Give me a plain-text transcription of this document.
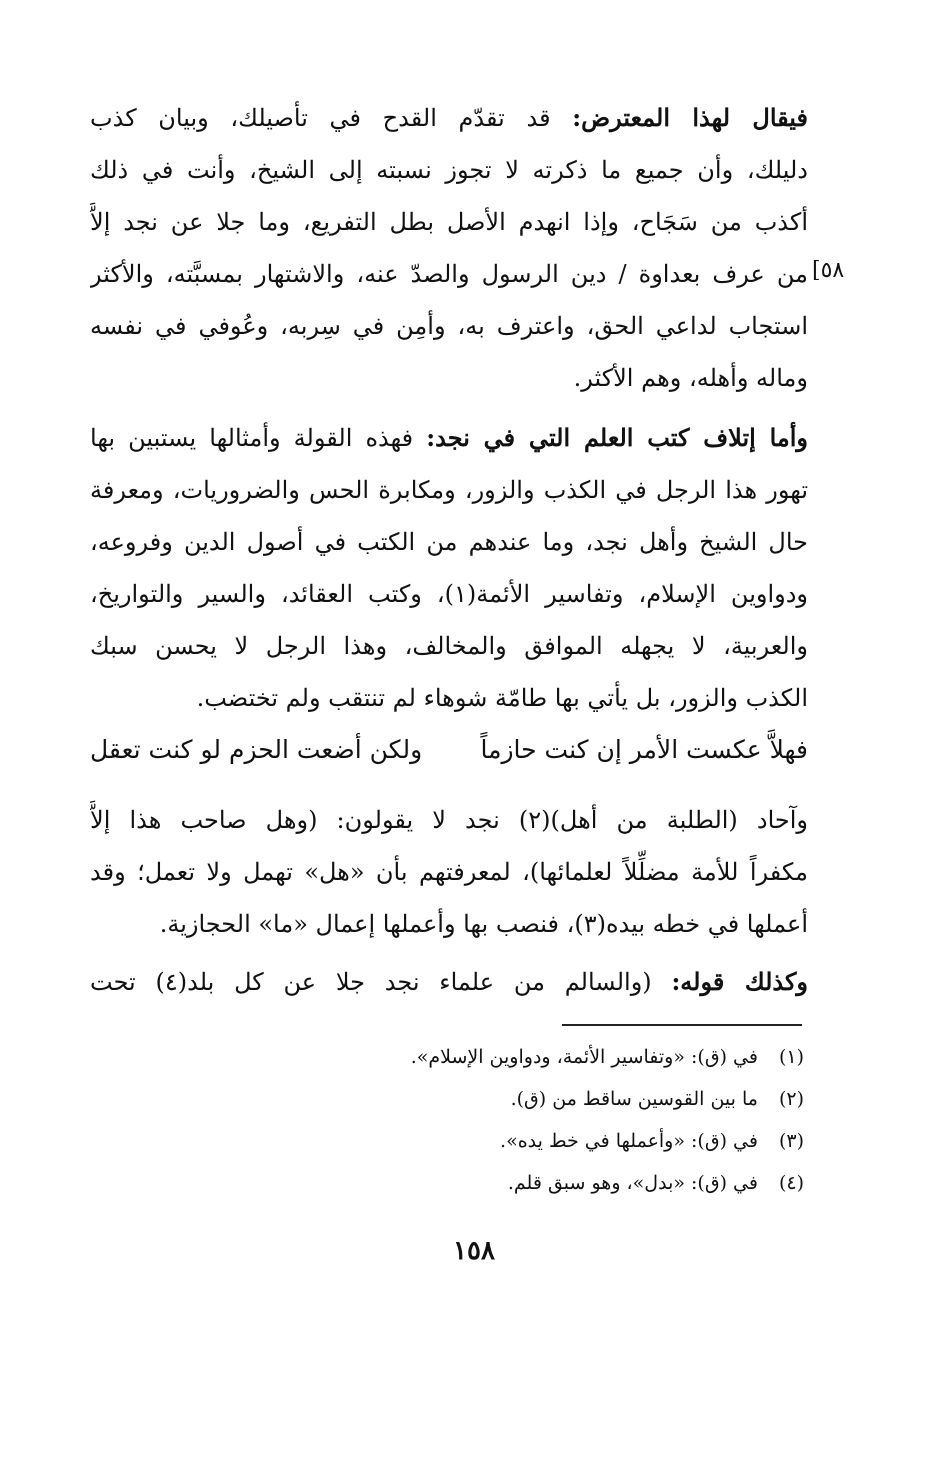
فيقال لهذا المعترض: قد تقدّم القدح في تأصيلك، وبيان كذب
دليلك، وأن جميع ما ذكرته لا تجوز نسبته إلى الشيخ، وأنت في ذلك
أكذب من سَجَاح، وإذا انهدم الأصل بطل التفريع، وما جلا عن نجد إلاَّ
من عرف بعداوة / دين الرسول والصدّ عنه، والاشتهار بمسبَّته، والأكثر
استجاب لداعي الحق، واعترف به، وأمِن في سِربه، وعُوفي في نفسه
وماله وأهله، وهم الأكثر.
[٥٨
وأما إتلاف كتب العلم التي في نجد: فهذه القولة وأمثالها يستبين بها
تهور هذا الرجل في الكذب والزور، ومكابرة الحس والضروريات، ومعرفة
حال الشيخ وأهل نجد، وما عندهم من الكتب في أصول الدين وفروعه،
ودواوين الإسلام، وتفاسير الأئمة(١)، وكتب العقائد، والسير والتواريخ،
والعربية، لا يجهله الموافق والمخالف، وهذا الرجل لا يحسن سبك
الكذب والزور، بل يأتي بها طامّة شوهاء لم تنتقب ولم تختضب.
فهلاَّ عكست الأمر إن كنت حازماً
ولكن أضعت الحزم لو كنت تعقل
وآحاد (الطلبة من أهل)(٢) نجد لا يقولون: (وهل صاحب هذا إلاَّ
مكفراً للأمة مضلِّلاً لعلمائها)، لمعرفتهم بأن «هل» تهمل ولا تعمل؛ وقد
أعملها في خطه بيده(٣)، فنصب بها وأعملها إعمال «ما» الحجازية.
وكذلك قوله: (والسالم من علماء نجد جلا عن كل بلد(٤) تحت
(١) في (ق): «وتفاسير الأئمة، ودواوين الإسلام».
(٢) ما بين القوسين ساقط من (ق).
(٣) في (ق): «وأعملها في خط يده».
(٤) في (ق): «بدل»، وهو سبق قلم.
١٥٨
